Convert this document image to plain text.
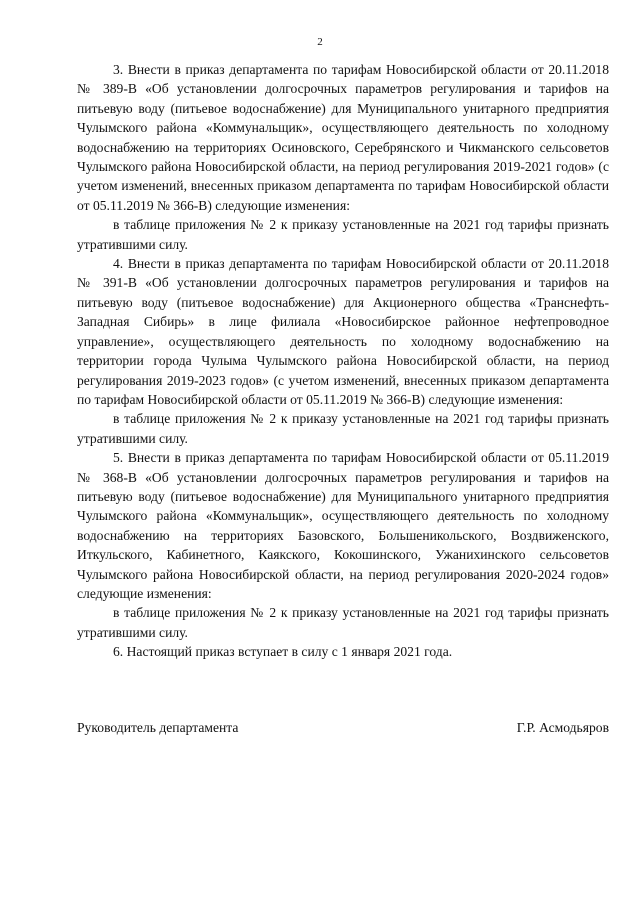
2

3. Внести в приказ департамента по тарифам Новосибирской области от 20.11.2018 № 389-В «Об установлении долгосрочных параметров регулирования и тарифов на питьевую воду (питьевое водоснабжение) для Муниципального унитарного предприятия Чулымского района «Коммунальщик», осуществляющего деятельность по холодному водоснабжению на территориях Осиновского, Серебрянского и Чикманского сельсоветов Чулымского района Новосибирской области, на период регулирования 2019-2021 годов» (с учетом изменений, внесенных приказом департамента по тарифам Новосибирской области от 05.11.2019 № 366-В) следующие изменения:

в таблице приложения № 2 к приказу установленные на 2021 год тарифы признать утратившими силу.

4. Внести в приказ департамента по тарифам Новосибирской области от 20.11.2018 № 391-В «Об установлении долгосрочных параметров регулирования и тарифов на питьевую воду (питьевое водоснабжение) для Акционерного общества «Транснефть-Западная Сибирь» в лице филиала «Новосибирское районное нефтепроводное управление», осуществляющего деятельность по холодному водоснабжению на территории города Чулыма Чулымского района Новосибирской области, на период регулирования 2019-2023 годов» (с учетом изменений, внесенных приказом департамента по тарифам Новосибирской области от 05.11.2019 № 366-В) следующие изменения:

в таблице приложения № 2 к приказу установленные на 2021 год тарифы признать утратившими силу.

5. Внести в приказ департамента по тарифам Новосибирской области от 05.11.2019 № 368-В «Об установлении долгосрочных параметров регулирования и тарифов на питьевую воду (питьевое водоснабжение) для Муниципального унитарного предприятия Чулымского района «Коммунальщик», осуществляющего деятельность по холодному водоснабжению на территориях Базовского, Большеникольского, Воздвиженского, Иткульского, Кабинетного, Каякского, Кокошинского, Ужанихинского сельсоветов Чулымского района Новосибирской области, на период регулирования 2020-2024 годов» следующие изменения:

в таблице приложения № 2 к приказу установленные на 2021 год тарифы признать утратившими силу.

6. Настоящий приказ вступает в силу с 1 января 2021 года.

Руководитель департамента	Г.Р. Асмодьяров
